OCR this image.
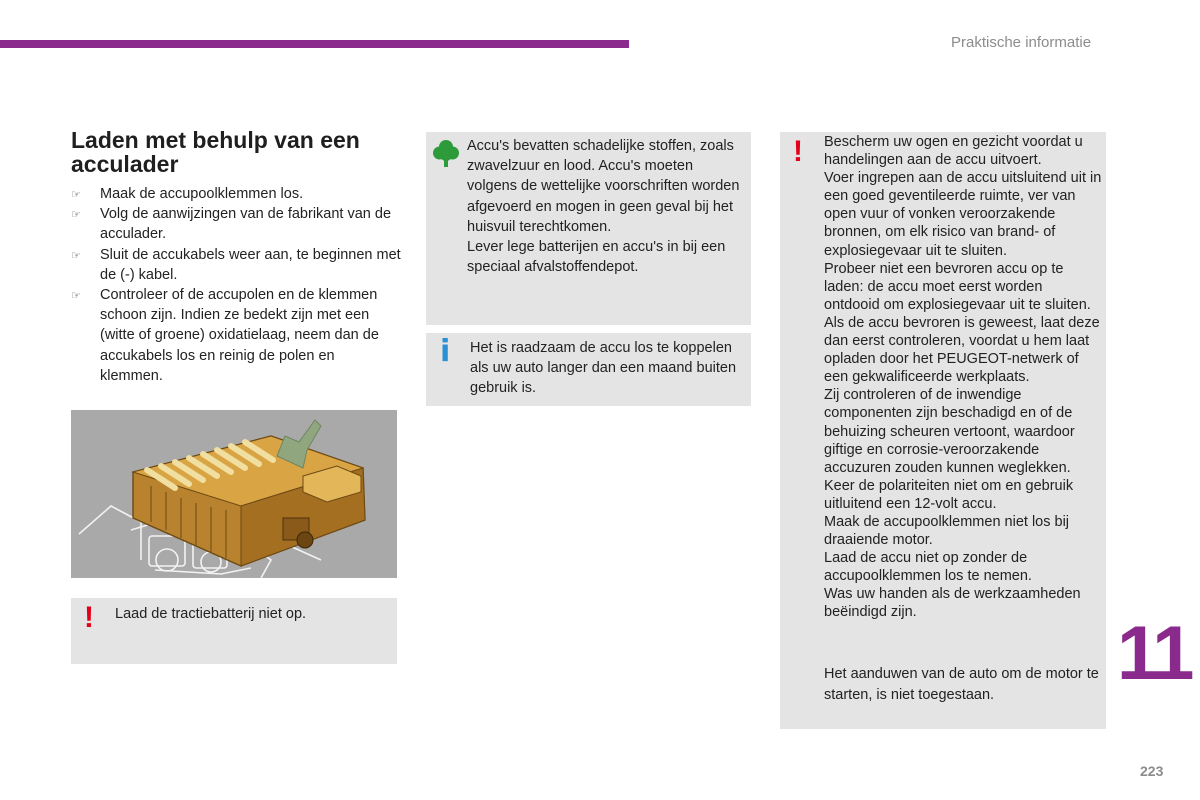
Praktische informatie
Laden met behulp van een acculader
☞ Maak de accupoolklemmen los.
☞ Volg de aanwijzingen van de fabrikant van de acculader.
☞ Sluit de accukabels weer aan, te beginnen met de (-) kabel.
☞ Controleer of de accupolen en de klemmen schoon zijn. Indien ze bedekt zijn met een (witte of groene) oxidatielaag, neem dan de accukabels los en reinig de polen en klemmen.
! Laad de tractiebatterij niet op.

Accu's bevatten schadelijke stoffen, zoals zwavelzuur en lood. Accu's moeten volgens de wettelijke voorschriften worden afgevoerd en mogen in geen geval bij het huisvuil terechtkomen.

Lever lege batterijen en accu's in bij een speciaal afvalstoffendepot.

i Het is raadzaam de accu los te koppelen als uw auto langer dan een maand buiten gebruik is.
! Bescherm uw ogen en gezicht voordat u handelingen aan de accu uitvoert.

Voer ingrepen aan de accu uitsluitend uit in een goed geventileerde ruimte, ver van open vuur of vonken veroorzakende bronnen, om elk risico van brand- of explosiegevaar uit te sluiten.

Probeer niet een bevroren accu op te laden: de accu moet eerst worden ontdooid om explosiegevaar uit te sluiten. Als de accu bevroren is geweest, laat deze dan eerst controleren, voordat u hem laat opladen door het PEUGEOT-netwerk of een gekwalificeerde werkplaats.

Zij controleren of de inwendige componenten zijn beschadigd en of de behuizing scheuren vertoont, waardoor giftige en corrosie-veroorzakende accuzuren zouden kunnen weglekken.

Keer de polariteiten niet om en gebruik uitluitend een 12-volt accu.

Maak de accupoolklemmen niet los bij draaiende motor.

Laad de accu niet op zonder de accupoolklemmen los te nemen.

Was uw handen als de werkzaamheden beëindigd zijn.

Het aanduwen van de auto om de motor te starten, is niet toegestaan.	11
223
